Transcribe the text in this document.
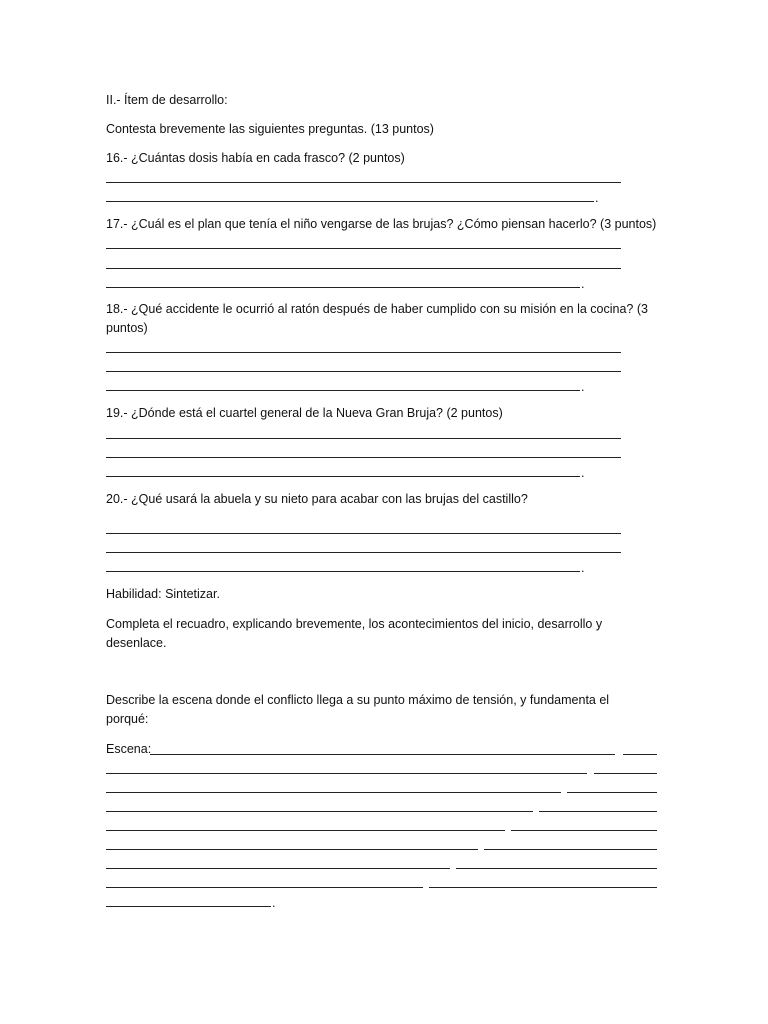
II.- Ítem de desarrollo:

Contesta brevemente las siguientes preguntas. (13 puntos)

16.- ¿Cuántas dosis había en cada frasco? (2 puntos)

.

17.- ¿Cuál es el plan que tenía el niño vengarse de las brujas? ¿Cómo piensan hacerlo? (3 puntos)

.

18.- ¿Qué accidente le ocurrió al ratón después de haber cumplido con su misión en la cocina? (3 puntos)

.

19.- ¿Dónde está el cuartel general de la Nueva Gran Bruja? (2 puntos)

.

20.- ¿Qué usará la abuela y su nieto para acabar con las brujas del castillo?

.

Habilidad: Sintetizar.

Completa el recuadro, explicando brevemente, los acontecimientos del inicio, desarrollo y desenlace.

Describe la escena donde el conflicto llega a su punto máximo de tensión, y fundamenta el porqué:

Escena:

.
